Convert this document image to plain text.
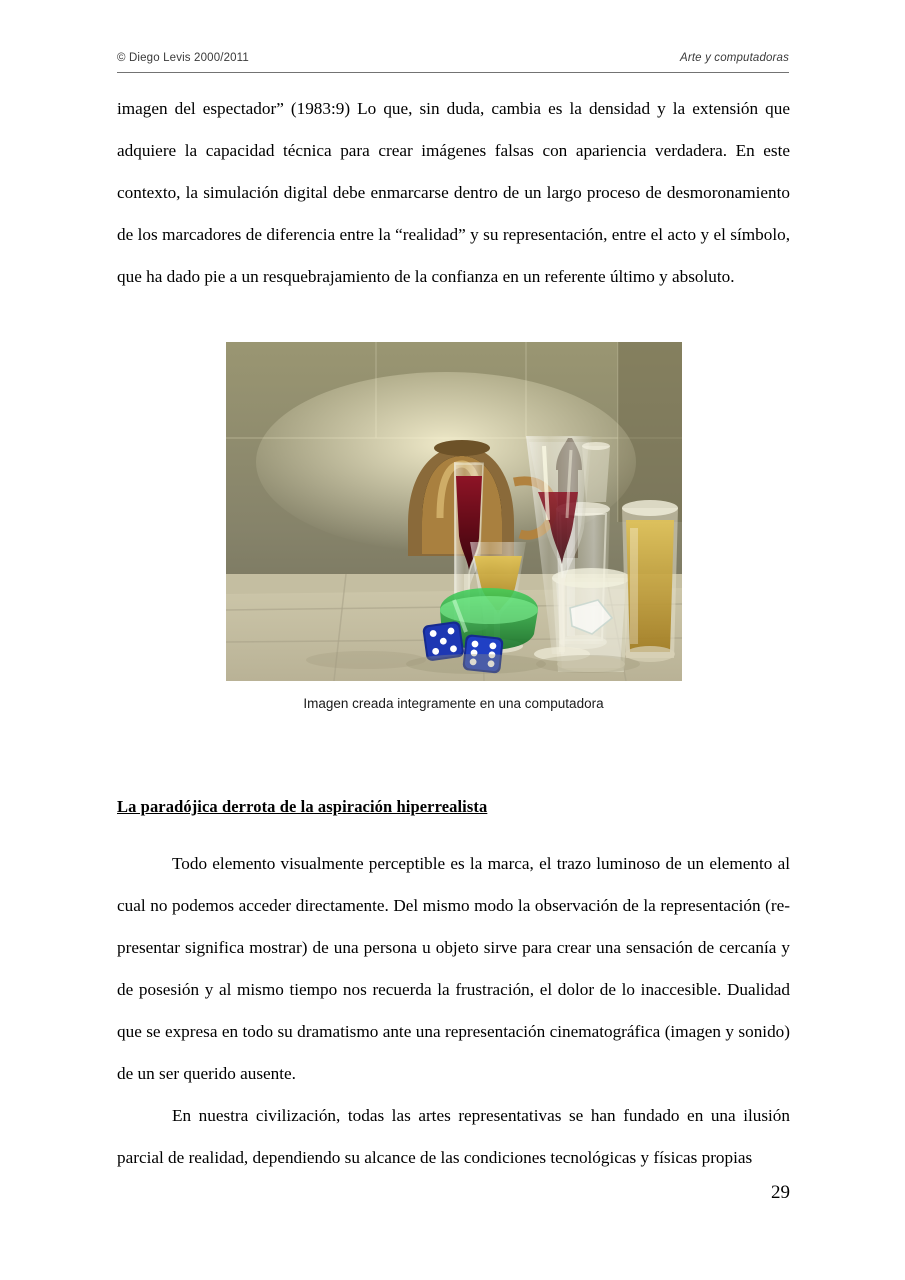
© Diego Levis 2000/2011	Arte y computadoras

imagen del espectador” (1983:9) Lo que, sin duda, cambia es la densidad y la extensión que adquiere la capacidad técnica para crear imágenes falsas con apariencia verdadera. En este contexto, la simulación digital debe enmarcarse dentro de un largo proceso de desmoronamiento de los marcadores de diferencia entre la “realidad” y su representación, entre el acto y el símbolo, que ha dado pie a un resquebrajamiento de la confianza en un referente último y absoluto.

Imagen creada integramente en una computadora
La paradójica derrota de la aspiración hiperrealista

Todo elemento visualmente perceptible es la marca, el trazo luminoso de un elemento al cual no podemos acceder directamente. Del mismo modo la observación de la representación (re-presentar significa mostrar) de una persona u objeto sirve para crear una sensación de cercanía y de posesión y al mismo tiempo nos recuerda la frustración, el dolor de lo inaccesible. Dualidad que se expresa en todo su dramatismo ante una representación cinematográfica (imagen y sonido) de un ser querido ausente.

En nuestra civilización, todas las artes representativas se han fundado en una ilusión parcial de realidad, dependiendo su alcance de las condiciones tecnológicas y físicas propias

29
